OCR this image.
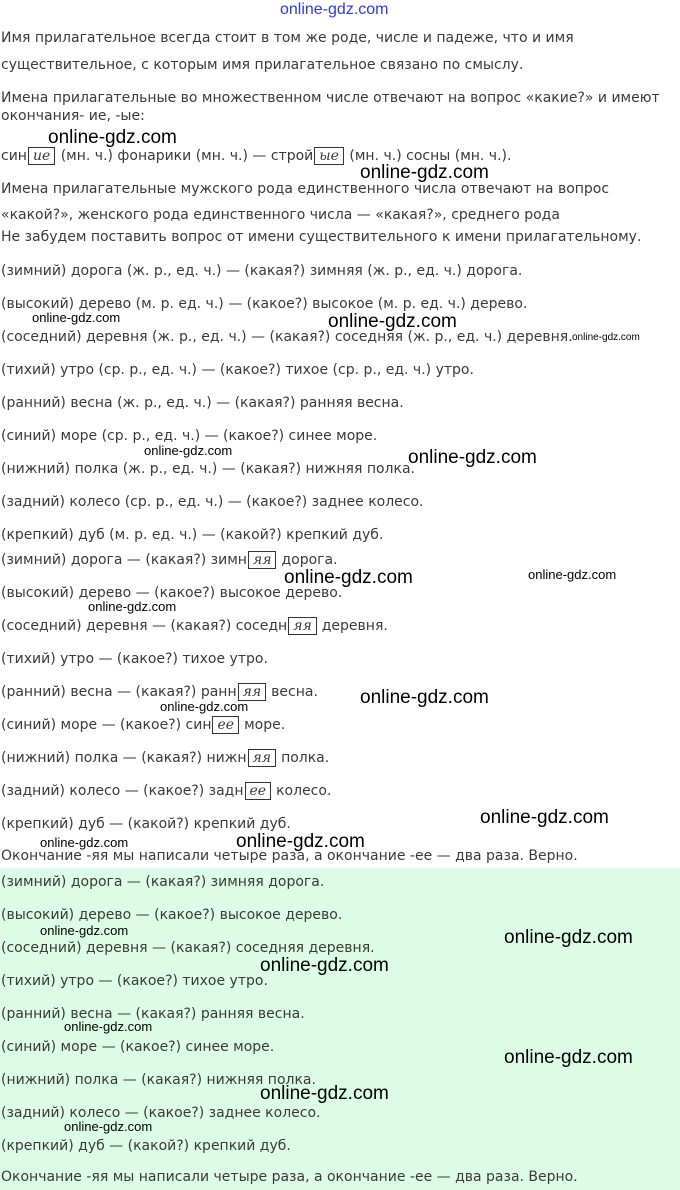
online-gdz.com
Имя прилагательное всегда стоит в том же роде, числе и падеже, что и имя
существительное, с которым имя прилагательное связано по смыслу.
Имена прилагательные во множественном числе отвечают на вопрос «какие?» и имеют
окончания- ие, -ые:
син ие (мн. ч.) фонарики (мн. ч.) — строй ые (мн. ч.) сосны (мн. ч.).
Имена прилагательные мужского рода единственного числа отвечают на вопрос
«какой?», женского рода единственного числа — «какая?», среднего рода
Не забудем поставить вопрос от имени существительного к имени прилагательному.
(зимний) дорога (ж. р., ед. ч.) — (какая?) зимняя (ж. р., ед. ч.) дорога.
(высокий) дерево (м. р. ед. ч.) — (какое?) высокое (м. р. ед. ч.) дерево.
(соседний) деревня (ж. р., ед. ч.) — (какая?) соседняя (ж. р., ед. ч.) деревня.
(тихий) утро (ср. р., ед. ч.) — (какое?) тихое (ср. р., ед. ч.) утро.
(ранний) весна (ж. р., ед. ч.) — (какая?) ранняя весна.
(синий) море (ср. р., ед. ч.) — (какое?) синее море.
(нижний) полка (ж. р., ед. ч.) — (какая?) нижняя полка.
(задний) колесо (ср. р., ед. ч.) — (какое?) заднее колесо.
(крепкий) дуб (м. р. ед. ч.) — (какой?) крепкий дуб.
(зимний) дорога — (какая?) зимн яя дорога.
(высокий) дерево — (какое?) высокое дерево.
(соседний) деревня — (какая?) соседн яя деревня.
(тихий) утро — (какое?) тихое утро.
(ранний) весна — (какая?) ранн яя весна.
(синий) море — (какое?) син ее море.
(нижний) полка — (какая?) нижн яя полка.
(задний) колесо — (какое?) задн ее колесо.
(крепкий) дуб — (какой?) крепкий дуб.
Окончание -яя мы написали четыре раза, а окончание -ее — два раза. Верно.
(зимний) дорога — (какая?) зимняя дорога.
(высокий) дерево — (какое?) высокое дерево.
(соседний) деревня — (какая?) соседняя деревня.
(тихий) утро — (какое?) тихое утро.
(ранний) весна — (какая?) ранняя весна.
(синий) море — (какое?) синее море.
(нижний) полка — (какая?) нижняя полка.
(задний) колесо — (какое?) заднее колесо.
(крепкий) дуб — (какой?) крепкий дуб.
Окончание -яя мы написали четыре раза, а окончание -ее — два раза. Верно.
online-gdz.com
online-gdz.com
online-gdz.com	online-gdz.com
online-gdz.com
online-gdz.com	online-gdz.com
online-gdz.com	online-gdz.com
online-gdz.com
online-gdz.com
online-gdz.com
online-gdz.com
online-gdz.com
online-gdz.com
online-gdz.com	online-gdz.com
online-gdz.com
online-gdz.com
online-gdz.com
online-gdz.com
online-gdz.com
